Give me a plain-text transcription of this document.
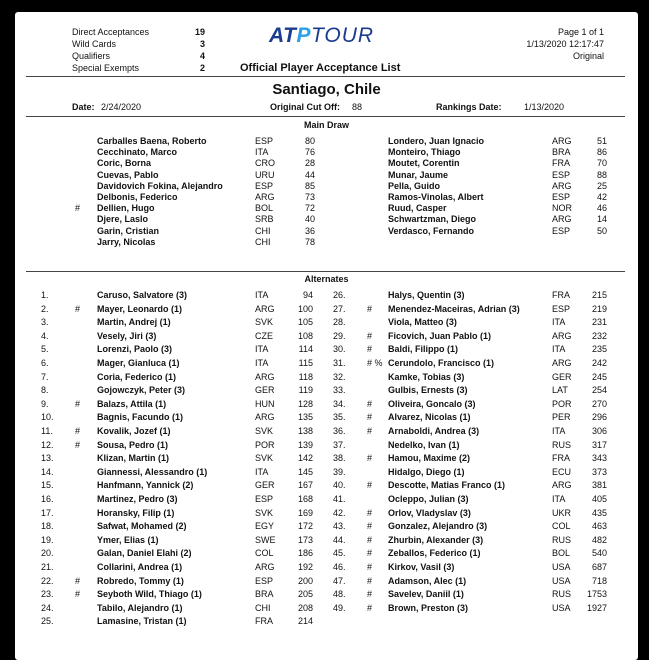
Direct Acceptances	19
Wild Cards	3
Qualifiers	4
Special Exempts	2
ATPTOUR	Page 1 of 1
1/13/2020 12:17:47
Original
Official Player Acceptance List
Santiago, Chile
Date: 2/24/2020	Original Cut Off: 88	Rankings Date: 1/13/2020
Main Draw
Carballes Baena, Roberto	ESP	80
Cecchinato, Marco	ITA	76
Coric, Borna	CRO	28
Cuevas, Pablo	URU	44
Davidovich Fokina, Alejandro	ESP	85
Delbonis, Federico	ARG	73
# Dellien, Hugo	BOL	72
Djere, Laslo	SRB	40
Garin, Cristian	CHI	36
Jarry, Nicolas	CHI	78
Londero, Juan Ignacio	ARG	51
Monteiro, Thiago	BRA	86
Moutet, Corentin	FRA	70
Munar, Jaume	ESP	88
Pella, Guido	ARG	25
Ramos-Vinolas, Albert	ESP	42
Ruud, Casper	NOR	46
Schwartzman, Diego	ARG	14
Verdasco, Fernando	ESP	50
Alternates
1.	Caruso, Salvatore (3)	ITA	94
2.	# Mayer, Leonardo (1)	ARG	100
3.	Martin, Andrej (1)	SVK	105
4.	Vesely, Jiri (3)	CZE	108
5.	Lorenzi, Paolo (3)	ITA	114
6.	Mager, Gianluca (1)	ITA	115
7.	Coria, Federico (1)	ARG	118
8.	Gojowczyk, Peter (3)	GER	119
9.	# Balazs, Attila (1)	HUN	128
10.	Bagnis, Facundo (1)	ARG	135
11. # Kovalik, Jozef (1)	SVK	138
12. # Sousa, Pedro (1)	POR	139
13.	Klizan, Martin (1)	SVK	142
14.	Giannessi, Alessandro (1)	ITA	145
15.	Hanfmann, Yannick (2)	GER	167
16.	Martinez, Pedro (3)	ESP	168
17.	Horansky, Filip (1)	SVK	169
18.	Safwat, Mohamed (2)	EGY	172
19.	Ymer, Elias (1)	SWE	173
20.	Galan, Daniel Elahi (2)	COL	186
21.	Collarini, Andrea (1)	ARG	192
22. # Robredo, Tommy (1)	ESP	200
23. # Seyboth Wild, Thiago (1)	BRA	205
24.	Tabilo, Alejandro (1)	CHI	208
25.	Lamasine, Tristan (1)	FRA	214
26.	Halys, Quentin (3)	FRA	215
27. # Menendez-Maceiras, Adrian (3)	ESP	219
28.	Viola, Matteo (3)	ITA	231
29. # Ficovich, Juan Pablo (1)	ARG	232
30. # Baldi, Filippo (1)	ITA	235
31. # % Cerundolo, Francisco (1)	ARG	242
32.	Kamke, Tobias (3)	GER	245
33.	Gulbis, Ernests (3)	LAT	254
34. # Oliveira, Goncalo (3)	POR	270
35. # Alvarez, Nicolas (1)	PER	296
36. # Arnaboldi, Andrea (3)	ITA	306
37.	Nedelko, Ivan (1)	RUS	317
38. # Hamou, Maxime (2)	FRA	343
39.	Hidalgo, Diego (1)	ECU	373
40. # Descotte, Matias Franco (1)	ARG	381
41.	Ocleppo, Julian (3)	ITA	405
42. # Orlov, Vladyslav (3)	UKR	435
43. # Gonzalez, Alejandro (3)	COL	463
44. # Zhurbin, Alexander (3)	RUS	482
45. # Zeballos, Federico (1)	BOL	540
46. # Kirkov, Vasil (3)	USA	687
47. # Adamson, Alec (1)	USA	718
48. # Savelev, Daniil (1)	RUS	1753
49. # Brown, Preston (3)	USA	1927
